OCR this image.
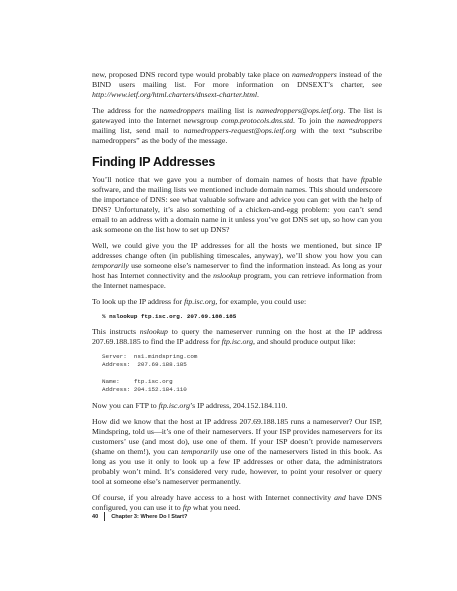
new, proposed DNS record type would probably take place on namedroppers instead of the BIND users mailing list. For more information on DNSEXT’s charter, see http://www.ietf.org/html.charters/dnsext-charter.html.

The address for the namedroppers mailing list is namedroppers@ops.ietf.org. The list is gatewayed into the Internet newsgroup comp.protocols.dns.std. To join the namedroppers mailing list, send mail to namedroppers-request@ops.ietf.org with the text “subscribe namedroppers” as the body of the message.

Finding IP Addresses

You’ll notice that we gave you a number of domain names of hosts that have ftpable software, and the mailing lists we mentioned include domain names. This should underscore the importance of DNS: see what valuable software and advice you can get with the help of DNS? Unfortunately, it’s also something of a chicken-and-egg problem: you can’t send email to an address with a domain name in it unless you’ve got DNS set up, so how can you ask someone on the list how to set up DNS?

Well, we could give you the IP addresses for all the hosts we mentioned, but since IP addresses change often (in publishing timescales, anyway), we’ll show you how you can temporarily use someone else’s nameserver to find the information instead. As long as your host has Internet connectivity and the nslookup program, you can retrieve information from the Internet namespace.

To look up the IP address for ftp.isc.org, for example, you could use:

% nslookup ftp.isc.org. 207.69.188.185

This instructs nslookup to query the nameserver running on the host at the IP address 207.69.188.185 to find the IP address for ftp.isc.org, and should produce output like:

Server:  ns1.mindspring.com
Address:  207.69.188.185

Name:    ftp.isc.org
Address: 204.152.184.110

Now you can FTP to ftp.isc.org’s IP address, 204.152.184.110.

How did we know that the host at IP address 207.69.188.185 runs a nameserver? Our ISP, Mindspring, told us—it’s one of their nameservers. If your ISP provides nameservers for its customers’ use (and most do), use one of them. If your ISP doesn’t provide nameservers (shame on them!), you can temporarily use one of the nameservers listed in this book. As long as you use it only to look up a few IP addresses or other data, the administrators probably won’t mind. It’s considered very rude, however, to point your resolver or query tool at someone else’s nameserver permanently.

Of course, if you already have access to a host with Internet connectivity and have DNS configured, you can use it to ftp what you need.

40 Chapter 3: Where Do I Start?
